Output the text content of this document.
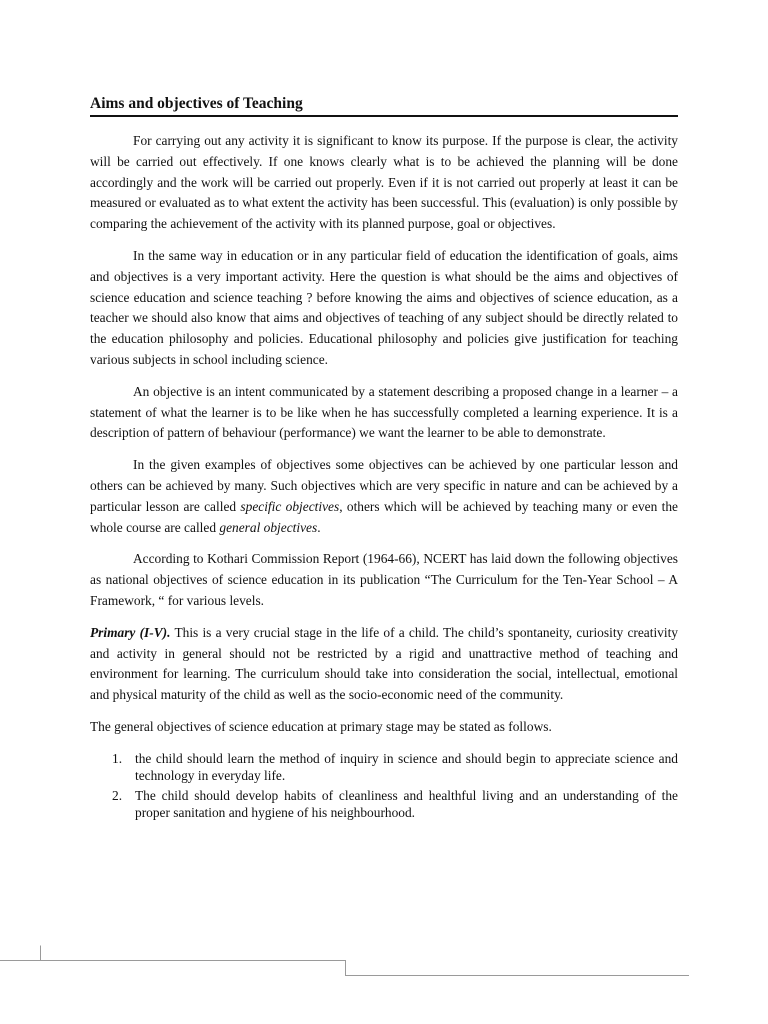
Aims and objectives of Teaching

For carrying out any activity it is significant to know its purpose. If the purpose is clear, the activity will be carried out effectively. If one knows clearly what is to be achieved the planning will be done accordingly and the work will be carried out properly. Even if it is not carried out properly at least it can be measured or evaluated as to what extent the activity has been successful. This (evaluation) is only possible by comparing the achievement of the activity with its planned purpose, goal or objectives.

In the same way in education or in any particular field of education the identification of goals, aims and objectives is a very important activity. Here the question is what should be the aims and objectives of science education and science teaching ? before knowing the aims and objectives of science education, as a teacher we should also know that aims and objectives of teaching of any subject should be directly related to the education philosophy and policies. Educational philosophy and policies give justification for teaching various subjects in school including science.

An objective is an intent communicated by a statement describing a proposed change in a learner – a statement of what the learner is to be like when he has successfully completed a learning experience. It is a description of pattern of behaviour (performance) we want the learner to be able to demonstrate.

In the given examples of objectives some objectives can be achieved by one particular lesson and others can be achieved by many. Such objectives which are very specific in nature and can be achieved by a particular lesson are called specific objectives, others which will be achieved by teaching many or even the whole course are called general objectives.

According to Kothari Commission Report (1964-66), NCERT has laid down the following objectives as national objectives of science education in its publication “The Curriculum for the Ten-Year School – A Framework, “ for various levels.

Primary (I-V). This is a very crucial stage in the life of a child. The child’s spontaneity, curiosity creativity and activity in general should not be restricted by a rigid and unattractive method of teaching and environment for learning. The curriculum should take into consideration the social, intellectual, emotional and physical maturity of the child as well as the socio-economic need of the community.

The general objectives of science education at primary stage may be stated as follows.

1. the child should learn the method of inquiry in science and should begin to appreciate science and technology in everyday life.
2. The child should develop habits of cleanliness and healthful living and an understanding of the proper sanitation and hygiene of his neighbourhood.
